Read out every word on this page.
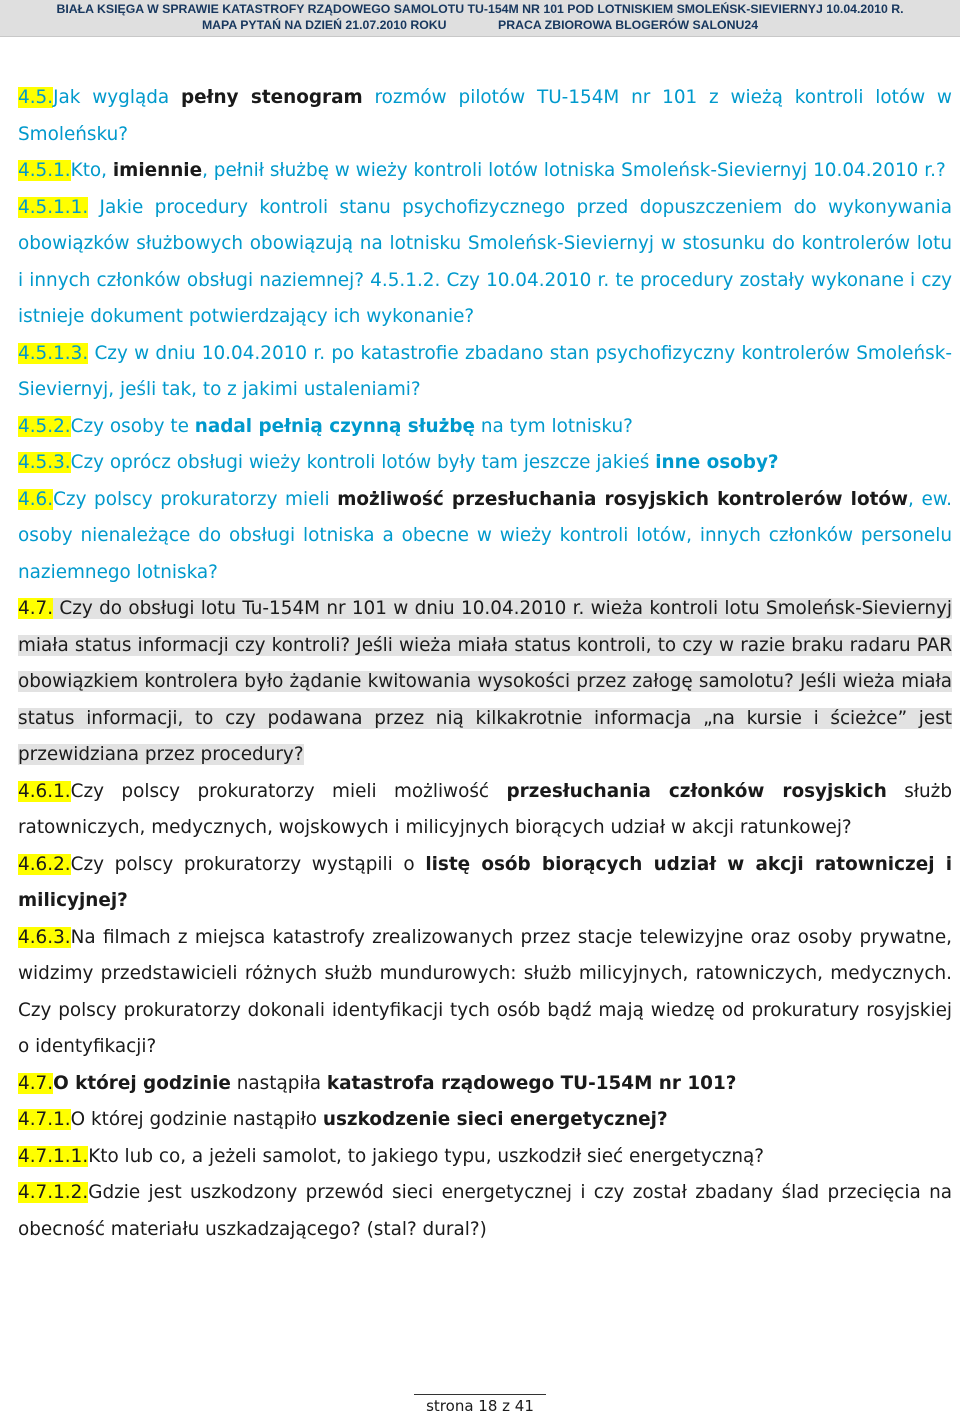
BIAŁA KSIĘGA W SPRAWIE KATASTROFY RZĄDOWEGO SAMOLOTU TU-154M NR 101 POD LOTNISKIEM SMOLEŃSK-SIEVIERNYJ 10.04.2010 R.
MAPA PYTAŃ NA DZIEŃ 21.07.2010 ROKU	PRACA ZBIOROWA BLOGERÓW SALONU24

4.5.Jak wygląda pełny stenogram rozmów pilotów TU-154M nr 101 z wieżą kontroli lotów w Smoleńsku?

4.5.1.Kto, imiennie, pełnił służbę w wieży kontroli lotów lotniska Smoleńsk-Sieviernyj 10.04.2010 r.?

4.5.1.1. Jakie procedury kontroli stanu psychofizycznego przed dopuszczeniem do wykonywania obowiązków służbowych obowiązują na lotnisku Smoleńsk-Sieviernyj w stosunku do kontrolerów lotu i innych członków obsługi naziemnej? 4.5.1.2. Czy 10.04.2010 r. te procedury zostały wykonane i czy istnieje dokument potwierdzający ich wykonanie?

4.5.1.3. Czy w dniu 10.04.2010 r. po katastrofie zbadano stan psychofizyczny kontrolerów Smoleńsk-Sieviernyj, jeśli tak, to z jakimi ustaleniami?

4.5.2.Czy osoby te nadal pełnią czynną służbę na tym lotnisku?

4.5.3.Czy oprócz obsługi wieży kontroli lotów były tam jeszcze jakieś inne osoby?

4.6.Czy polscy prokuratorzy mieli możliwość przesłuchania rosyjskich kontrolerów lotów, ew. osoby nienależące do obsługi lotniska a obecne w wieży kontroli lotów, innych członków personelu naziemnego lotniska?

4.7. Czy do obsługi lotu Tu-154M nr 101 w dniu 10.04.2010 r. wieża kontroli lotu Smoleńsk-Sieviernyj miała status informacji czy kontroli? Jeśli wieża miała status kontroli, to czy w razie braku radaru PAR obowiązkiem kontrolera było żądanie kwitowania wysokości przez załogę samolotu? Jeśli wieża miała status informacji, to czy podawana przez nią kilkakrotnie informacja „na kursie i ścieżce” jest przewidziana przez procedury?

4.6.1.Czy polscy prokuratorzy mieli możliwość przesłuchania członków rosyjskich służb ratowniczych, medycznych, wojskowych i milicyjnych biorących udział w akcji ratunkowej?

4.6.2.Czy polscy prokuratorzy wystąpili o listę osób biorących udział w akcji ratowniczej i milicyjnej?

4.6.3.Na filmach z miejsca katastrofy zrealizowanych przez stacje telewizyjne oraz osoby prywatne, widzimy przedstawicieli różnych służb mundurowych: służb milicyjnych, ratowniczych, medycznych. Czy polscy prokuratorzy dokonali identyfikacji tych osób bądź mają wiedzę od prokuratury rosyjskiej o identyfikacji?

4.7.O której godzinie nastąpiła katastrofa rządowego TU-154M nr 101?

4.7.1.O której godzinie nastąpiło uszkodzenie sieci energetycznej?

4.7.1.1.Kto lub co, a jeżeli samolot, to jakiego typu, uszkodził sieć energetyczną?

4.7.1.2.Gdzie jest uszkodzony przewód sieci energetycznej i czy został zbadany ślad przecięcia na obecność materiału uszkadzającego? (stal? dural?)

strona 18 z 41
